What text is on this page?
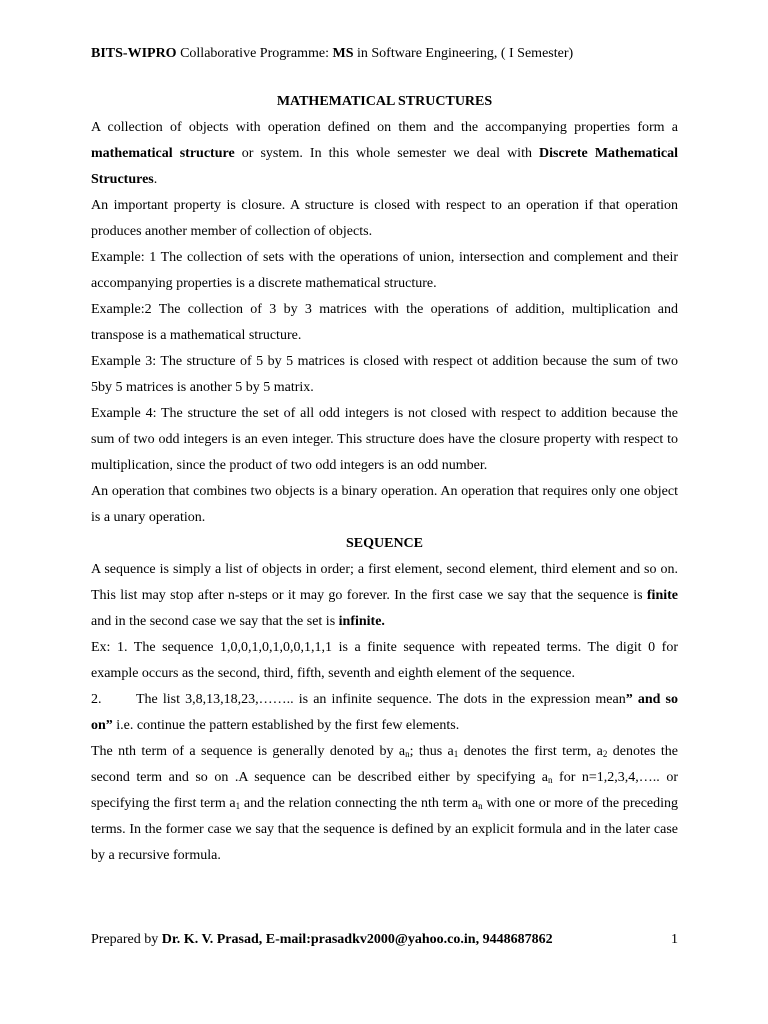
BITS-WIPRO Collaborative Programme: MS in Software Engineering, ( I Semester)

MATHEMATICAL STRUCTURES

A collection of objects with operation defined on them and the accompanying properties form a mathematical structure or system. In this whole semester we deal with Discrete Mathematical Structures.

An important property is closure. A structure is closed with respect to an operation if that operation produces another member of collection of objects.

Example: 1 The collection of sets with the operations of union, intersection and complement and their accompanying properties is a discrete mathematical structure.

Example:2 The collection of 3 by 3 matrices with the operations of addition, multiplication and transpose is a mathematical structure.

Example 3: The structure of 5 by 5 matrices is closed with respect ot addition because the sum of two 5by 5 matrices is another 5 by 5 matrix.

Example 4: The structure the set of all odd integers is not closed with respect to addition because the sum of two odd integers is an even integer. This structure does have the closure property with respect to multiplication, since the product of two odd integers is an odd number.

An operation that combines two objects is a binary operation. An operation that requires only one object is a unary operation.

SEQUENCE

A sequence is simply a list of objects in order; a first element, second element, third element and so on. This list may stop after n-steps or it may go forever. In the first case we say that the sequence is finite and in the second case we say that the set is infinite.

Ex: 1. The sequence 1,0,0,1,0,1,0,0,1,1,1 is a finite sequence with repeated terms. The digit 0 for example occurs as the second, third, fifth, seventh and eighth element of the sequence.

2. The list 3,8,13,18,23,…….. is an infinite sequence. The dots in the expression mean” and so on” i.e. continue the pattern established by the first few elements.

The nth term of a sequence is generally denoted by $a_n$; thus $a_1$ denotes the first term, $a_2$ denotes the second term and so on .A sequence can be described either by specifying $a_n$ for n=1,2,3,4,….. or specifying the first term $a_1$ and the relation connecting the nth term $a_n$ with one or more of the preceding terms. In the former case we say that the sequence is defined by an explicit formula and in the later case by a recursive formula.

Prepared by Dr. K. V. Prasad, E-mail:prasadkv2000@yahoo.co.in, 9448687862	1
